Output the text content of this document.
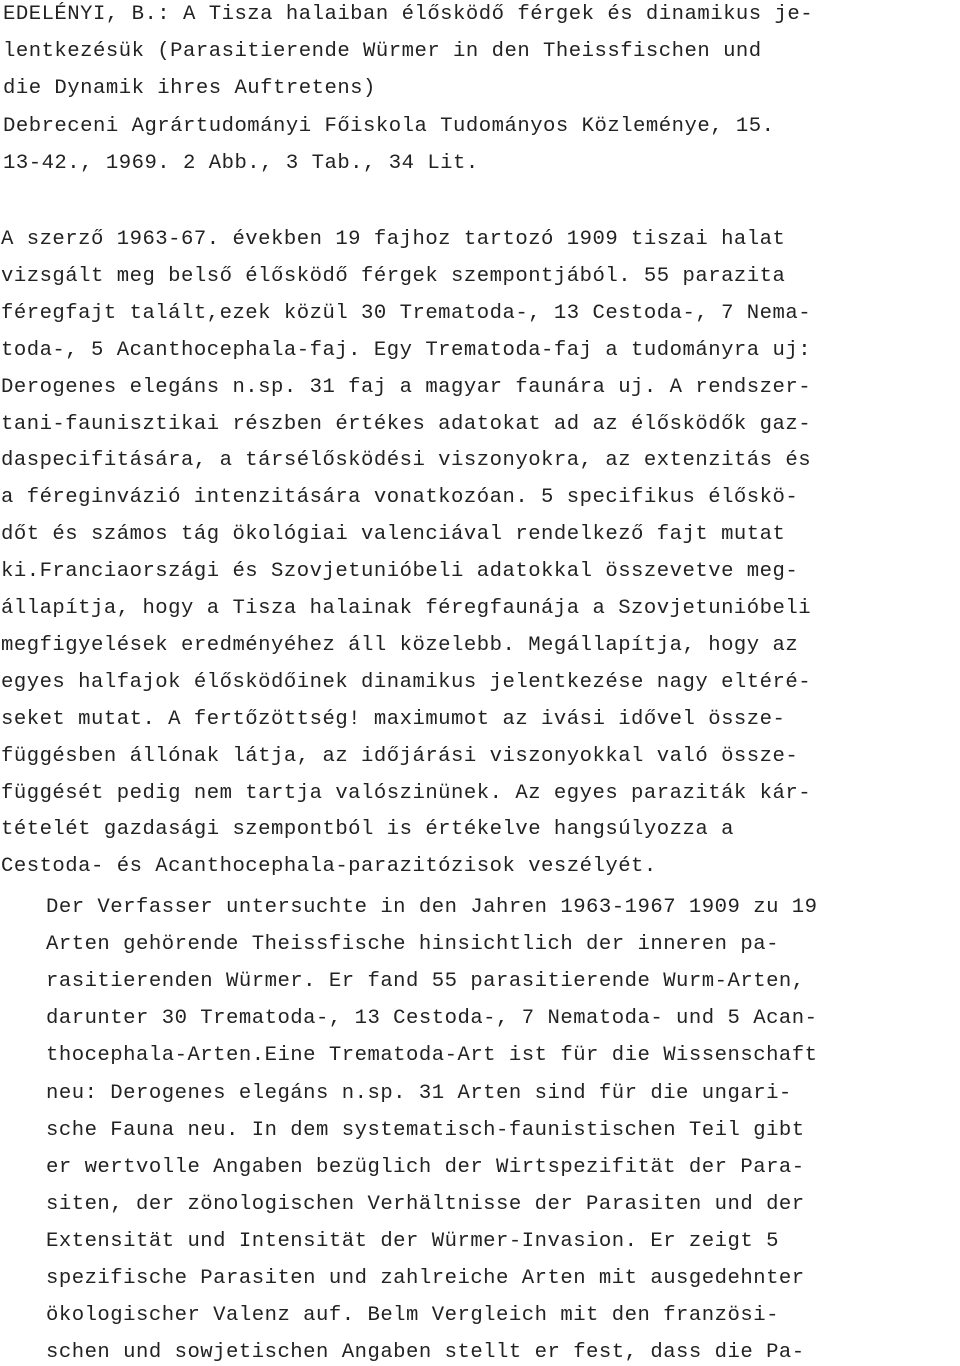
EDELÉNYI, B.: A Tisza halaiban élősködő férgek és dinamikus je-
lentkezésük (Parasitierende Würmer in den Theissfischen und
die Dynamik ihres Auftretens)
Debreceni Agrártudományi Főiskola Tudományos Közleménye, 15.
13-42., 1969. 2 Abb., 3 Tab., 34 Lit.
A szerző 1963-67. években 19 fajhoz tartozó 1909 tiszai halat
vizsgált meg belső élősködő férgek szempontjából. 55 parazita
féregfajt talált,ezek közül 30 Trematoda-, 13 Cestoda-, 7 Nema-
toda-, 5 Acanthocephala-faj. Egy Trematoda-faj a tudományra uj:
Derogenes elegáns n.sp. 31 faj a magyar faunára uj. A rendszer-
tani-faunisztikai részben értékes adatokat ad az élősködők gaz-
daspecifitására, a társélősködési viszonyokra, az extenzitás és
a féreginvázió intenzitására vonatkozóan. 5 specifikus élőskö-
dőt és számos tág ökológiai valenciával rendelkező fajt mutat
ki.Franciaországi és Szovjetunióbeli adatokkal összevetve meg-
állapítja, hogy a Tisza halainak féregfaunája a Szovjetunióbeli
megfigyelések eredményéhez áll közelebb. Megállapítja, hogy az
egyes halfajok élősködőinek dinamikus jelentkezése nagy eltéré-
seket mutat. A fertőzöttség! maximumot az ivási idővel össze-
függésben állónak látja, az időjárási viszonyokkal való össze-
függését pedig nem tartja valószinünek. Az egyes paraziták kár-
tételét gazdasági szempontból is értékelve hangsúlyozza a
Cestoda- és Acanthocephala-parazitózisok veszélyét.
Der Verfasser untersuchte in den Jahren 1963-1967 1909 zu 19
Arten gehörende Theissfische hinsichtlich der inneren pa-
rasitierenden Würmer. Er fand 55 parasitierende Wurm-Arten,
darunter 30 Trematoda-, 13 Cestoda-, 7 Nematoda- und 5 Acan-
thocephala-Arten.Eine Trematoda-Art ist für die Wissenschaft
neu: Derogenes elegáns n.sp. 31 Arten sind für die ungari-
sche Fauna neu. In dem systematisch-faunistischen Teil gibt
er wertvolle Angaben bezüglich der Wirtspezifität der Para-
siten, der zönologischen Verhältnisse der Parasiten und der
Extensität und Intensität der Würmer-Invasion. Er zeigt 5
spezifische Parasiten und zahlreiche Arten mit ausgedehnter
ökologischer Valenz auf. Belm Vergleich mit den französi-
schen und sowjetischen Angaben stellt er fest, dass die Pa-
